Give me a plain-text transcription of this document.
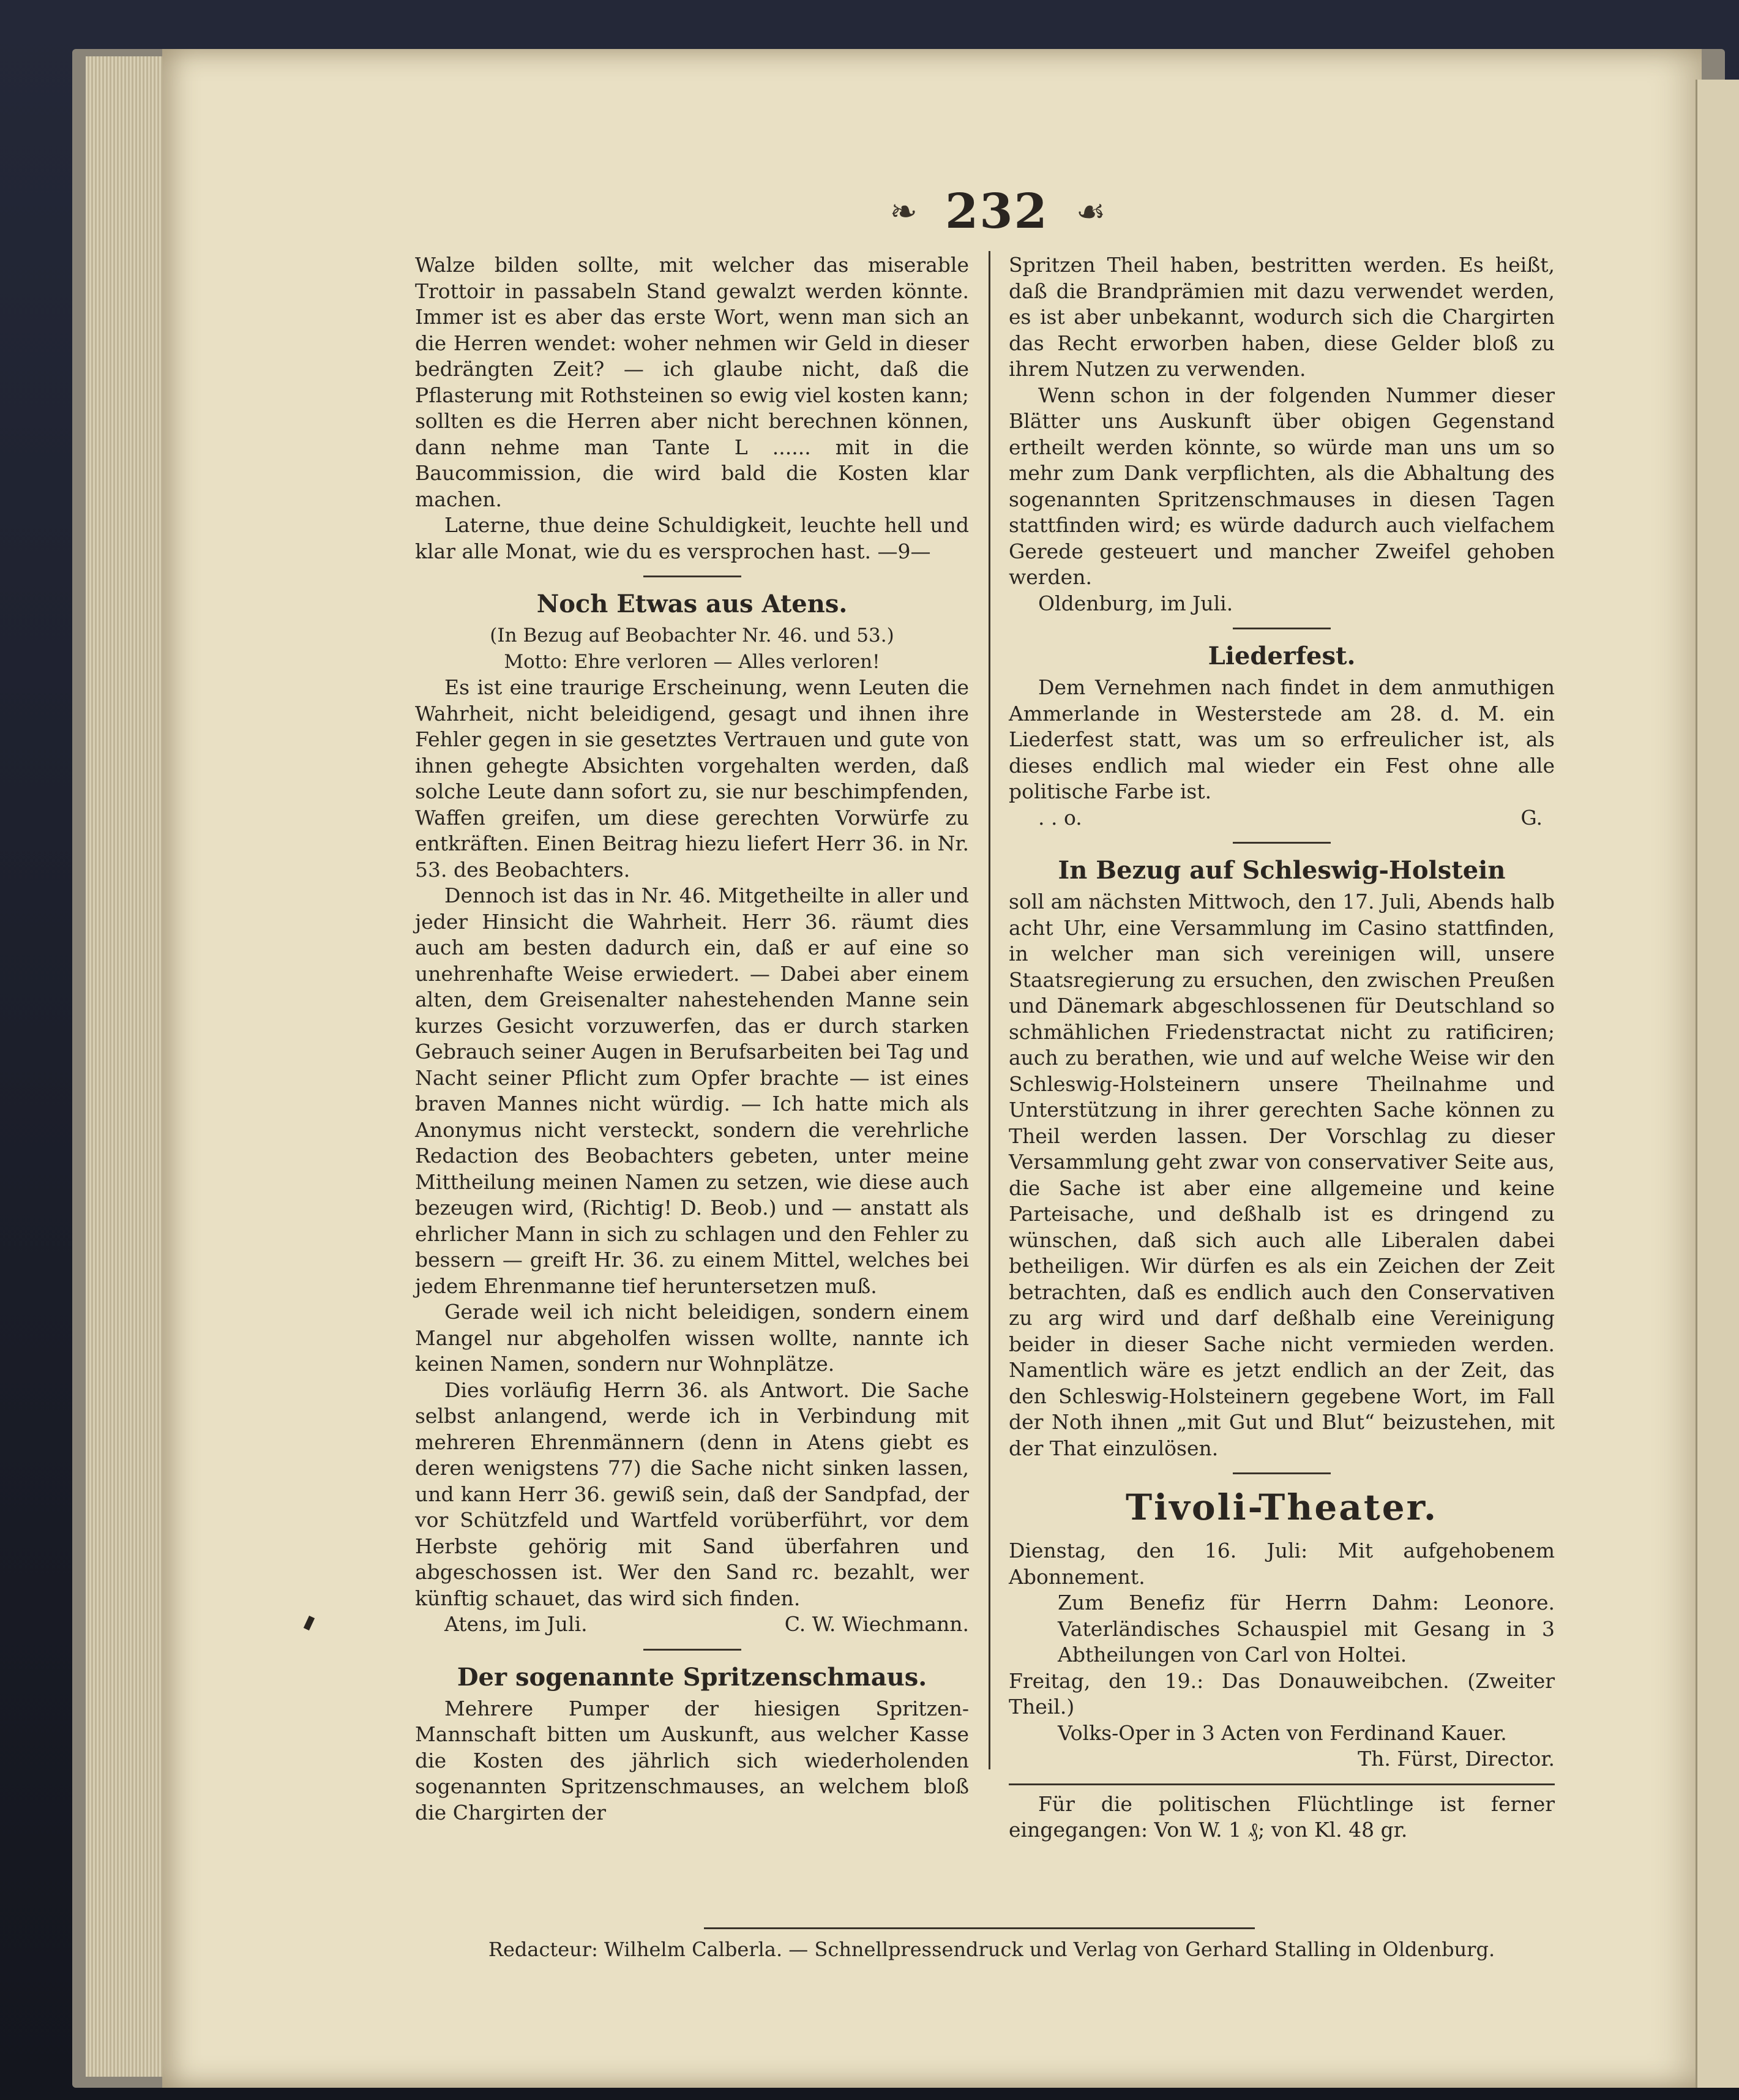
❧ 232 ☙

Walze bilden sollte, mit welcher das miserable Trottoir in passabeln Stand gewalzt werden könnte. Immer ist es aber das erste Wort, wenn man sich an die Herren wendet: woher nehmen wir Geld in dieser bedrängten Zeit? — ich glaube nicht, daß die Pflasterung mit Rothsteinen so ewig viel kosten kann; sollten es die Herren aber nicht berechnen können, dann nehme man Tante L ...... mit in die Baucommission, die wird bald die Kosten klar machen.

Laterne, thue deine Schuldigkeit, leuchte hell und klar alle Monat, wie du es versprochen hast. —9—

Noch Etwas aus Atens.

(In Bezug auf Beobachter Nr. 46. und 53.)

Motto: Ehre verloren — Alles verloren!

Es ist eine traurige Erscheinung, wenn Leuten die Wahrheit, nicht beleidigend, gesagt und ihnen ihre Fehler gegen in sie gesetztes Vertrauen und gute von ihnen gehegte Absichten vorgehalten werden, daß solche Leute dann sofort zu, sie nur beschimpfenden, Waffen greifen, um diese gerechten Vorwürfe zu entkräften. Einen Beitrag hiezu liefert Herr 36. in Nr. 53. des Beobachters.

Dennoch ist das in Nr. 46. Mitgetheilte in aller und jeder Hinsicht die Wahrheit. Herr 36. räumt dies auch am besten dadurch ein, daß er auf eine so unehrenhafte Weise erwiedert. — Dabei aber einem alten, dem Greisenalter nahestehenden Manne sein kurzes Gesicht vorzuwerfen, das er durch starken Gebrauch seiner Augen in Berufsarbeiten bei Tag und Nacht seiner Pflicht zum Opfer brachte — ist eines braven Mannes nicht würdig. — Ich hatte mich als Anonymus nicht versteckt, sondern die verehrliche Redaction des Beobachters gebeten, unter meine Mittheilung meinen Namen zu setzen, wie diese auch bezeugen wird, (Richtig! D. Beob.) und — anstatt als ehrlicher Mann in sich zu schlagen und den Fehler zu bessern — greift Hr. 36. zu einem Mittel, welches bei jedem Ehrenmanne tief heruntersetzen muß.

Gerade weil ich nicht beleidigen, sondern einem Mangel nur abgeholfen wissen wollte, nannte ich keinen Namen, sondern nur Wohnplätze.

Dies vorläufig Herrn 36. als Antwort. Die Sache selbst anlangend, werde ich in Verbindung mit mehreren Ehrenmännern (denn in Atens giebt es deren wenigstens 77) die Sache nicht sinken lassen, und kann Herr 36. gewiß sein, daß der Sandpfad, der vor Schützfeld und Wartfeld vorüberführt, vor dem Herbste gehörig mit Sand überfahren und abgeschossen ist. Wer den Sand rc. bezahlt, wer künftig schauet, das wird sich finden.

Atens, im Juli.	C. W. Wiechmann.
Der sogenannte Spritzenschmaus.

Mehrere Pumper der hiesigen Spritzen-Mannschaft bitten um Auskunft, aus welcher Kasse die Kosten des jährlich sich wiederholenden sogenannten Spritzenschmauses, an welchem bloß die Chargirten der

Spritzen Theil haben, bestritten werden. Es heißt, daß die Brandprämien mit dazu verwendet werden, es ist aber unbekannt, wodurch sich die Chargirten das Recht erworben haben, diese Gelder bloß zu ihrem Nutzen zu verwenden.

Wenn schon in der folgenden Nummer dieser Blätter uns Auskunft über obigen Gegenstand ertheilt werden könnte, so würde man uns um so mehr zum Dank verpflichten, als die Abhaltung des sogenannten Spritzenschmauses in diesen Tagen stattfinden wird; es würde dadurch auch vielfachem Gerede gesteuert und mancher Zweifel gehoben werden.

Oldenburg, im Juli.

Liederfest.

Dem Vernehmen nach findet in dem anmuthigen Ammerlande in Westerstede am 28. d. M. ein Liederfest statt, was um so erfreulicher ist, als dieses endlich mal wieder ein Fest ohne alle politische Farbe ist.

. . o.	G.
In Bezug auf Schleswig-Holstein

soll am nächsten Mittwoch, den 17. Juli, Abends halb acht Uhr, eine Versammlung im Casino stattfinden, in welcher man sich vereinigen will, unsere Staatsregierung zu ersuchen, den zwischen Preußen und Dänemark abgeschlossenen für Deutschland so schmählichen Friedenstractat nicht zu ratificiren; auch zu berathen, wie und auf welche Weise wir den Schleswig-Holsteinern unsere Theilnahme und Unterstützung in ihrer gerechten Sache können zu Theil werden lassen. Der Vorschlag zu dieser Versammlung geht zwar von conservativer Seite aus, die Sache ist aber eine allgemeine und keine Parteisache, und deßhalb ist es dringend zu wünschen, daß sich auch alle Liberalen dabei betheiligen. Wir dürfen es als ein Zeichen der Zeit betrachten, daß es endlich auch den Conservativen zu arg wird und darf deßhalb eine Vereinigung beider in dieser Sache nicht vermieden werden. Namentlich wäre es jetzt endlich an der Zeit, das den Schleswig-Holsteinern gegebene Wort, im Fall der Noth ihnen „mit Gut und Blut“ beizustehen, mit der That einzulösen.

Tivoli-Theater.

Dienstag, den 16. Juli: Mit aufgehobenem Abonnement.

Zum Benefiz für Herrn Dahm: Leonore. Vaterländisches Schauspiel mit Gesang in 3 Abtheilungen von Carl von Holtei.

Freitag, den 19.: Das Donauweibchen. (Zweiter Theil.)

Volks-Oper in 3 Acten von Ferdinand Kauer.

Th. Fürst, Director.

Für die politischen Flüchtlinge ist ferner eingegangen: Von W. 1 ₰; von Kl. 48 gr.

Redacteur: Wilhelm Calberla. — Schnellpressendruck und Verlag von Gerhard Stalling in Oldenburg.
